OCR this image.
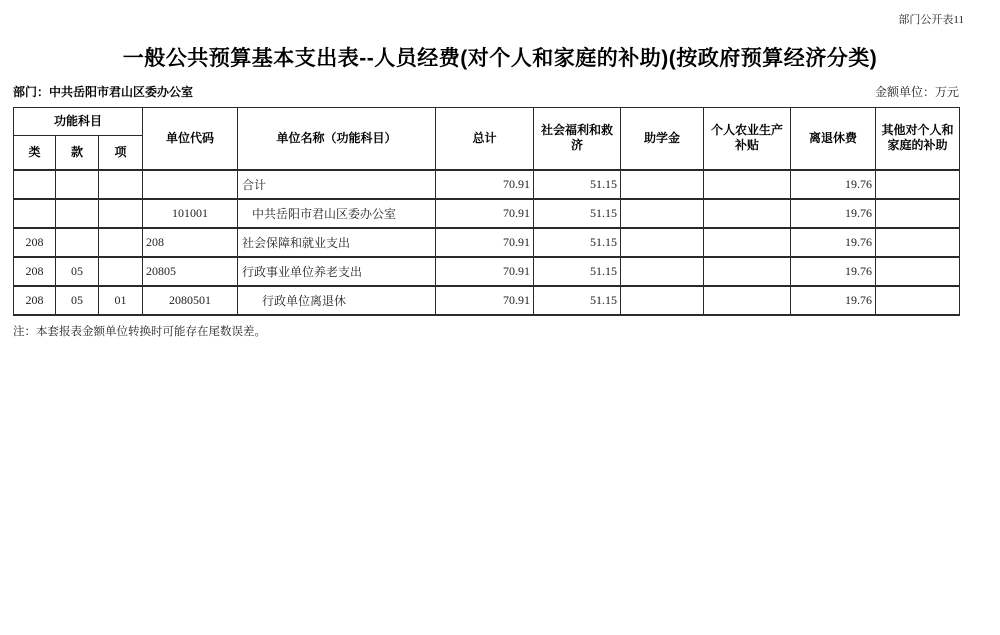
部门公开表11
一般公共预算基本支出表--人员经费(对个人和家庭的补助)(按政府预算经济分类)
部门：中共岳阳市君山区委办公室	金额单位：万元
功能科目			单位代码	单位名称（功能科目）	总计	社会福利和救济	助学金	个人农业生产补贴	离退休费	其他对个人和家庭的补助
类	款	项								
				合计	70.91	51.15			19.76	
			101001	中共岳阳市君山区委办公室	70.91	51.15			19.76	
208			208	社会保障和就业支出	70.91	51.15			19.76	
208	05		20805	行政事业单位养老支出	70.91	51.15			19.76	
208	05	01	2080501	行政单位离退休	70.91	51.15			19.76	
注：本套报表金额单位转换时可能存在尾数误差。
